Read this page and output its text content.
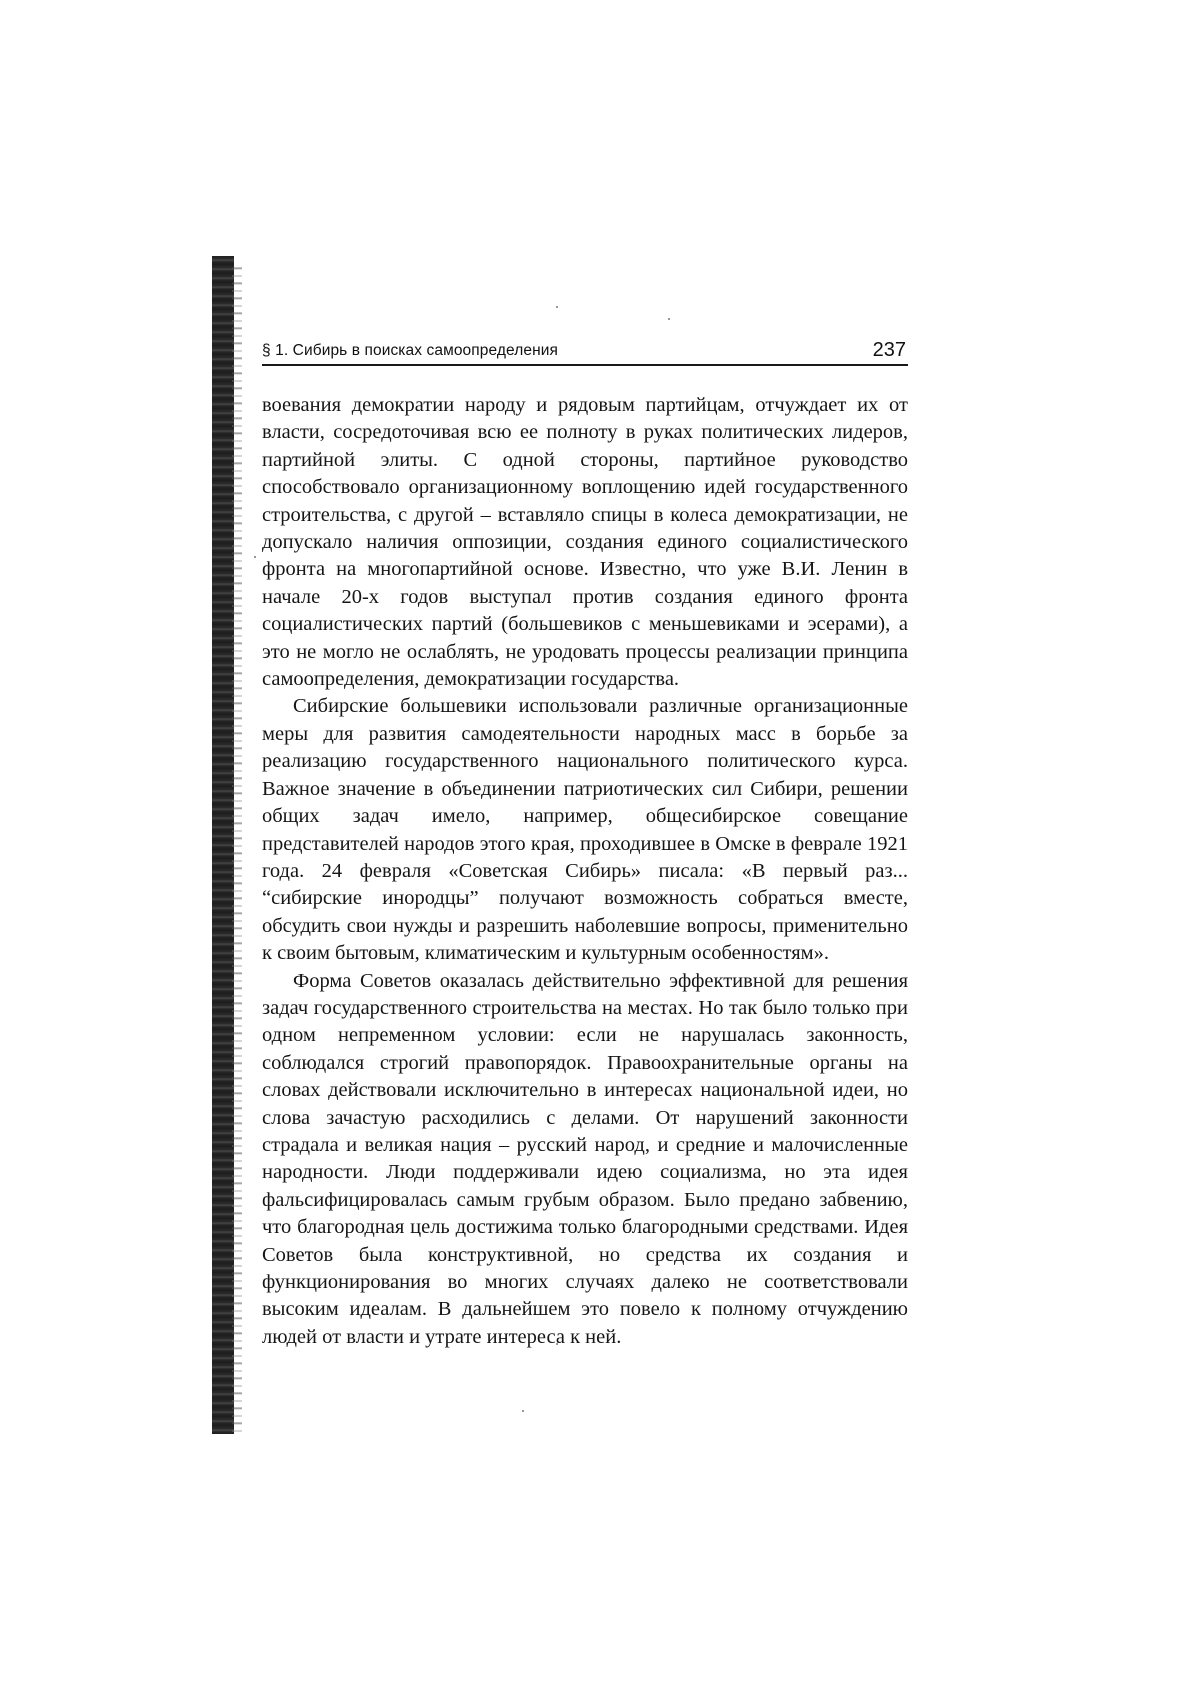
§ 1. Сибирь в поисках самоопределения	237

воевания демократии народу и рядовым партийцам, отчуждает их от власти, сосредоточивая всю ее полноту в руках политических лидеров, партийной элиты. С одной стороны, партийное руководство способствовало организационному воплощению идей государственного строительства, с другой – вставляло спицы в колеса демократизации, не допускало наличия оппозиции, создания единого социалистического фронта на многопартийной основе. Известно, что уже В.И. Ленин в начале 20-х годов выступал против создания единого фронта социалистических партий (большевиков с меньшевиками и эсерами), а это не могло не ослаблять, не уродовать процессы реализации принципа самоопределения, демократизации государства.

Сибирские большевики использовали различные организационные меры для развития самодеятельности народных масс в борьбе за реализацию государственного национального политического курса. Важное значение в объединении патриотических сил Сибири, решении общих задач имело, например, общесибирское совещание представителей народов этого края, проходившее в Омске в феврале 1921 года. 24 февраля «Советская Сибирь» писала: «В первый раз... “сибирские инородцы” получают возможность собраться вместе, обсудить свои нужды и разрешить наболевшие вопросы, применительно к своим бытовым, климатическим и культурным особенностям».

Форма Советов оказалась действительно эффективной для решения задач государственного строительства на местах. Но так было только при одном непременном условии: если не нарушалась законность, соблюдался строгий правопорядок. Правоохранительные органы на словах действовали исключительно в интересах национальной идеи, но слова зачастую расходились с делами. От нарушений законности страдала и великая нация – русский народ, и средние и малочисленные народности. Люди поддерживали идею социализма, но эта идея фальсифицировалась самым грубым образом. Было предано забвению, что благородная цель достижима только благородными средствами. Идея Советов была конструктивной, но средства их создания и функционирования во многих случаях далеко не соответствовали высоким идеалам. В дальнейшем это повело к полному отчуждению людей от власти и утрате интереса к ней.
